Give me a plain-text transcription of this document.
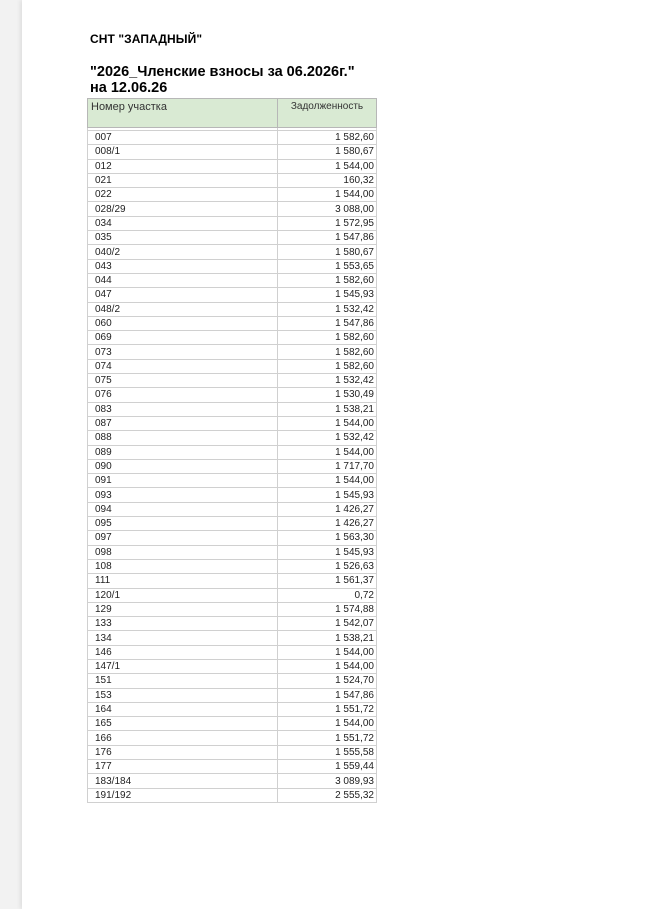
СНТ "ЗАПАДНЫЙ"
"2026_Членские взносы за 06.2026г."
на 12.06.26
Номер участка	Задолженность

007	1 582,60
008/1	1 580,67
012	1 544,00
021	160,32
022	1 544,00
028/29	3 088,00
034	1 572,95
035	1 547,86
040/2	1 580,67
043	1 553,65
044	1 582,60
047	1 545,93
048/2	1 532,42
060	1 547,86
069	1 582,60
073	1 582,60
074	1 582,60
075	1 532,42
076	1 530,49
083	1 538,21
087	1 544,00
088	1 532,42
089	1 544,00
090	1 717,70
091	1 544,00
093	1 545,93
094	1 426,27
095	1 426,27
097	1 563,30
098	1 545,93
108	1 526,63
111	1 561,37
120/1	0,72
129	1 574,88
133	1 542,07
134	1 538,21
146	1 544,00
147/1	1 544,00
151	1 524,70
153	1 547,86
164	1 551,72
165	1 544,00
166	1 551,72
176	1 555,58
177	1 559,44
183/184	3 089,93
191/192	2 555,32
